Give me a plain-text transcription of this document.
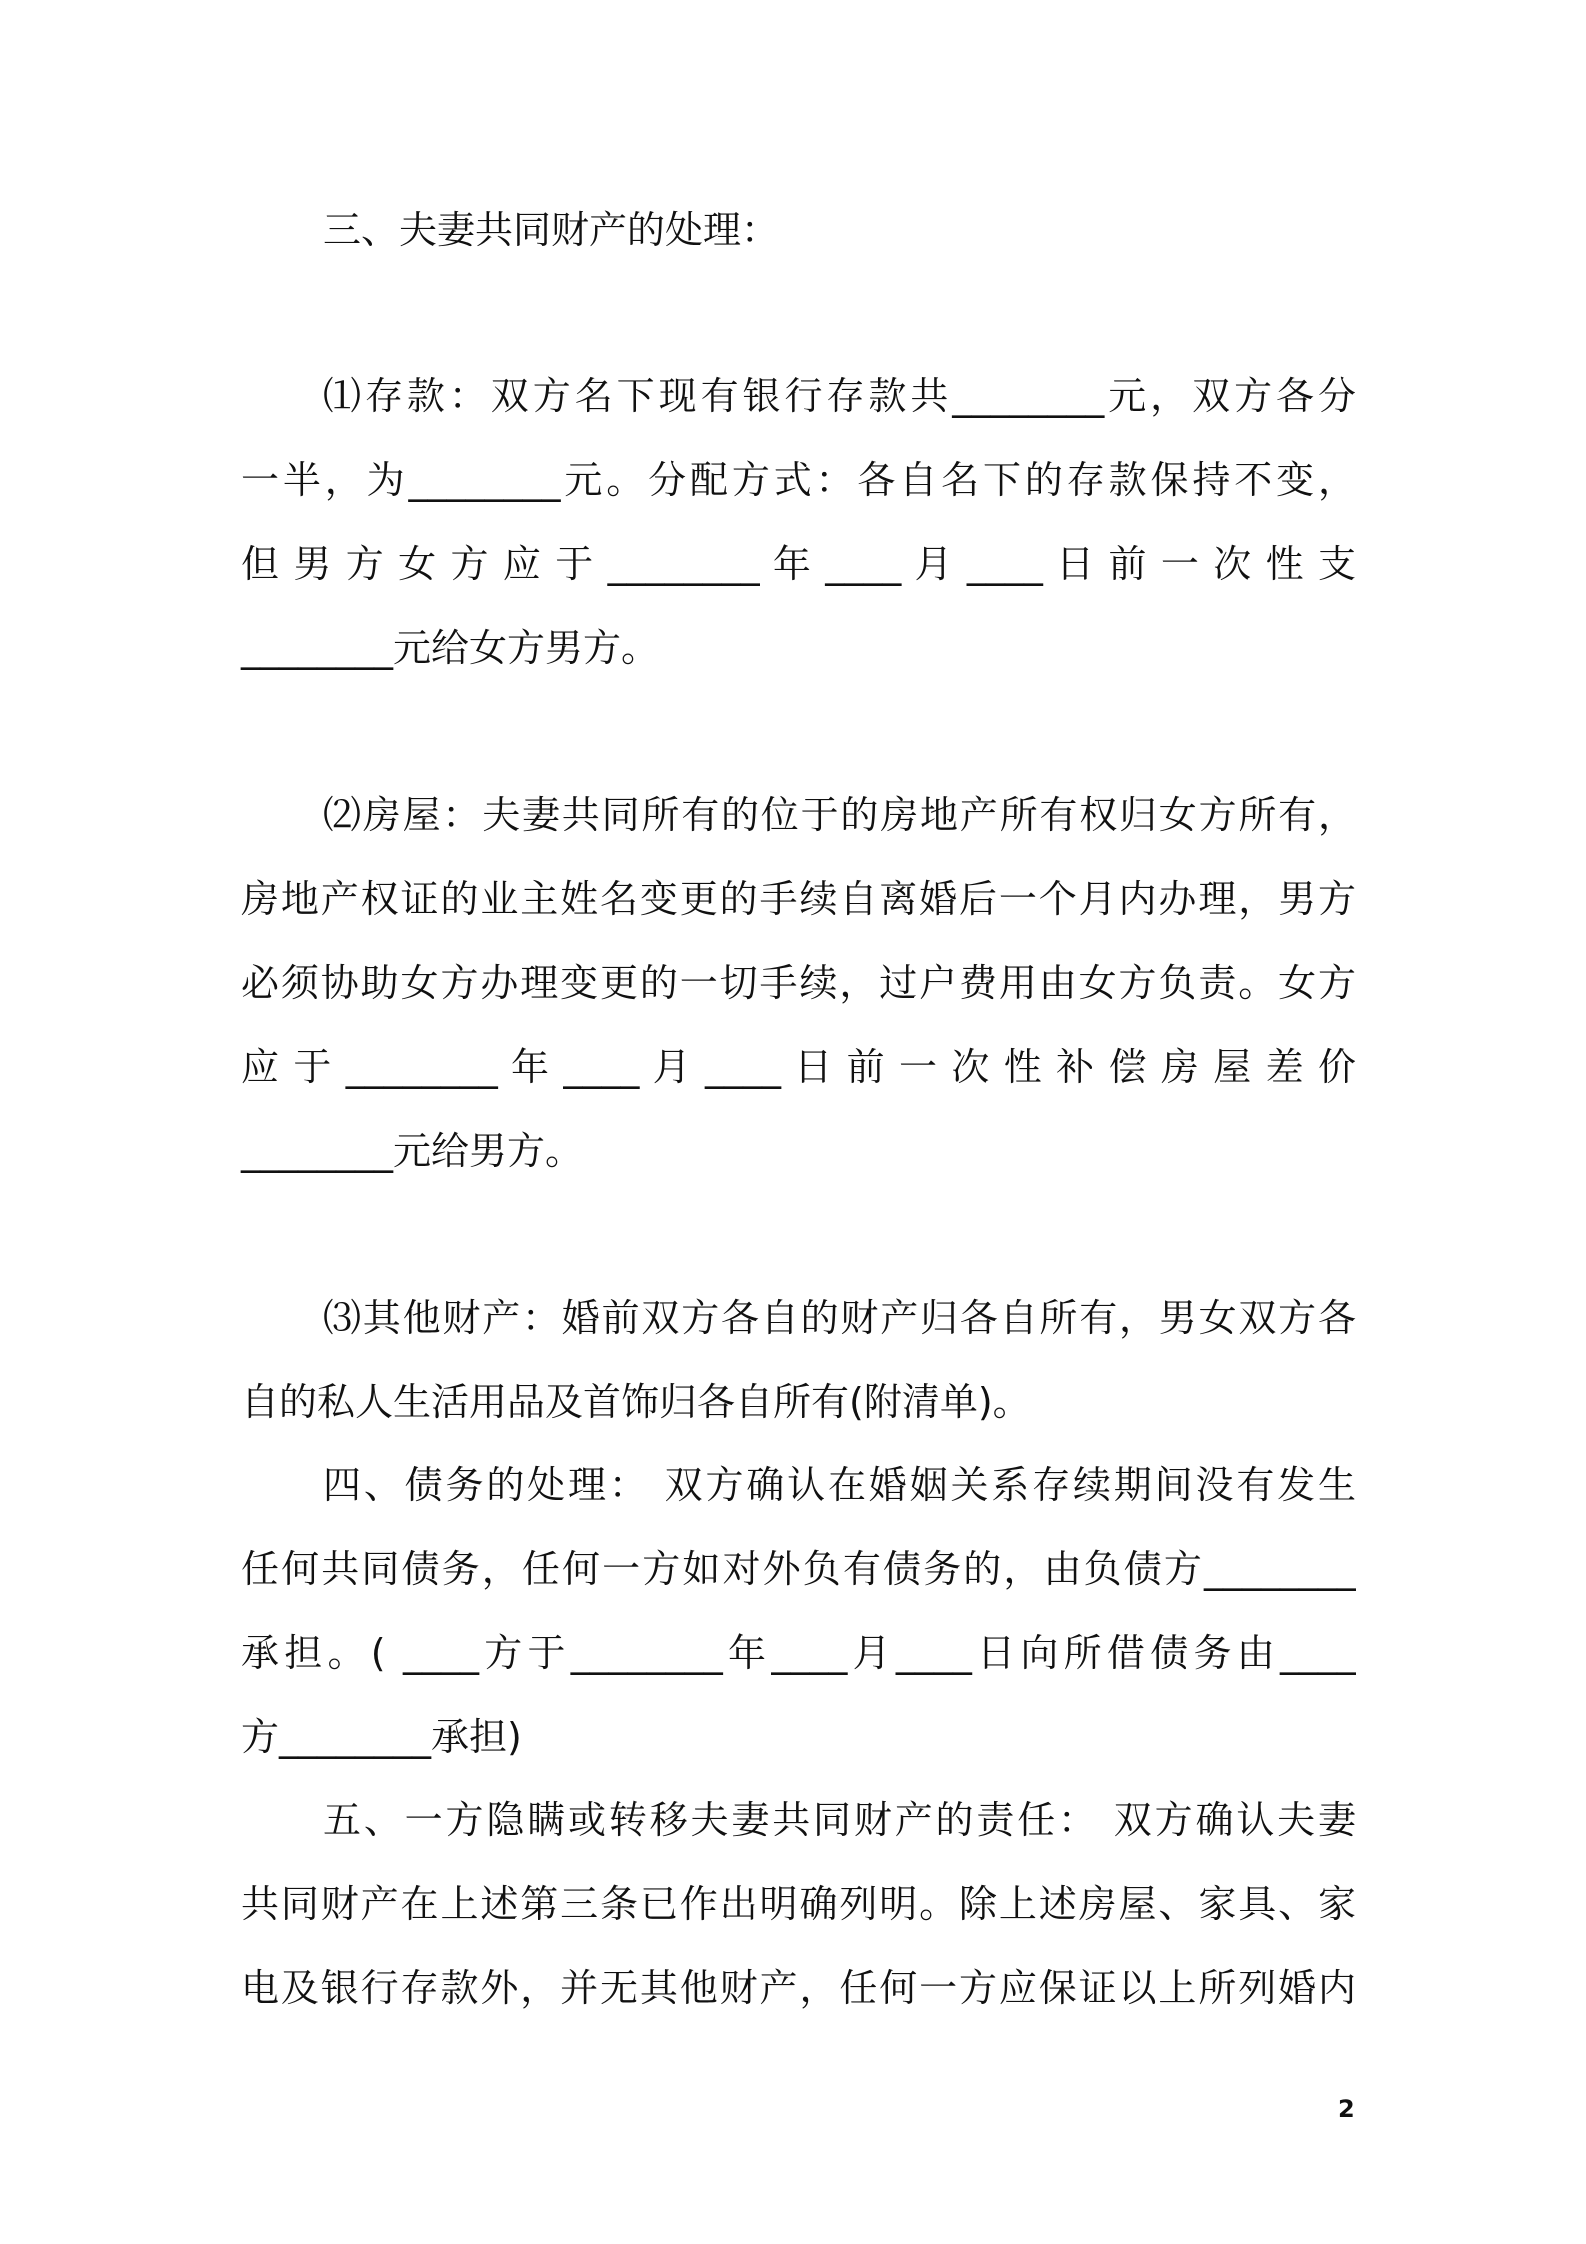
三、夫妻共同财产的处理：
⑴存款：双方名下现有银行存款共________元，双方各分
一半，为________元。分配方式：各自名下的存款保持不变，
但 男 方 女 方 应 于 ________ 年 ____ 月 ____ 日 前 一 次 性 支
________元给女方男方。
⑵房屋：夫妻共同所有的位于的房地产所有权归女方所有，
房地产权证的业主姓名变更的手续自离婚后一个月内办理，男方
必须协助女方办理变更的一切手续，过户费用由女方负责。女方
应 于 ________ 年 ____ 月 ____ 日 前 一 次 性 补 偿 房 屋 差 价
________元给男方。
⑶其他财产：婚前双方各自的财产归各自所有，男女双方各
自的私人生活用品及首饰归各自所有(附清单)。
四、债务的处理： 双方确认在婚姻关系存续期间没有发生
任何共同债务，任何一方如对外负有债务的，由负债方________
承担。( ____方于________年____月____日向所借债务由____
方________承担)
五、一方隐瞒或转移夫妻共同财产的责任： 双方确认夫妻
共同财产在上述第三条已作出明确列明。除上述房屋、家具、家
电及银行存款外，并无其他财产，任何一方应保证以上所列婚内
2
